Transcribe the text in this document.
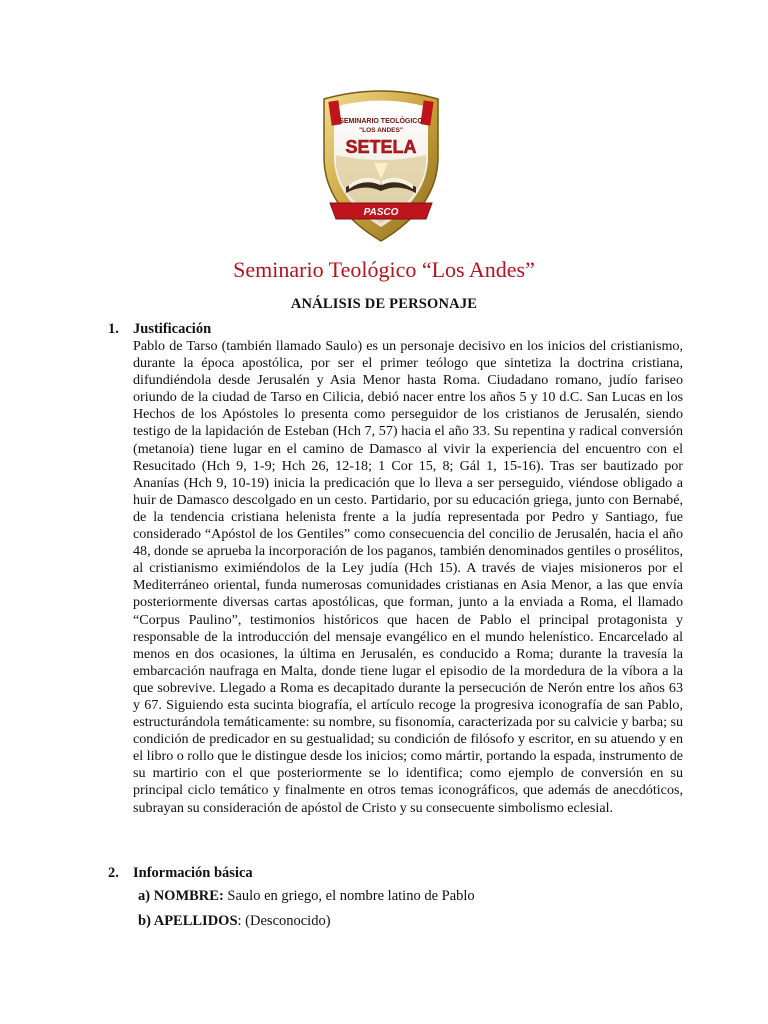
SEMINARIO TEOLÓGICO
"LOS ANDES"
SETELA
PASCO
Seminario Teológico “Los Andes”
ANÁLISIS DE PERSONAJE
1. Justificación
Pablo de Tarso (también llamado Saulo) es un personaje decisivo en los inicios del cristianismo, durante la época apostólica, por ser el primer teólogo que sintetiza la doctrina cristiana, difundiéndola desde Jerusalén y Asia Menor hasta Roma. Ciudadano romano, judío fariseo oriundo de la ciudad de Tarso en Cilicia, debió nacer entre los años 5 y 10 d.C. San Lucas en los Hechos de los Apóstoles lo presenta como perseguidor de los cristianos de Jerusalén, siendo testigo de la lapidación de Esteban (Hch 7, 57) hacia el año 33. Su repentina y radical conversión (metanoia) tiene lugar en el camino de Damasco al vivir la experiencia del encuentro con el Resucitado (Hch 9, 1-9; Hch 26, 12-18; 1 Cor 15, 8; Gál 1, 15-16). Tras ser bautizado por Ananías (Hch 9, 10-19) inicia la predicación que lo lleva a ser perseguido, viéndose obligado a huir de Damasco descolgado en un cesto. Partidario, por su educación griega, junto con Bernabé, de la tendencia cristiana helenista frente a la judía representada por Pedro y Santiago, fue considerado “Apóstol de los Gentiles” como consecuencia del concilio de Jerusalén, hacia el año 48, donde se aprueba la incorporación de los paganos, también denominados gentiles o prosélitos, al cristianismo eximiéndolos de la Ley judía (Hch 15). A través de viajes misioneros por el Mediterráneo oriental, funda numerosas comunidades cristianas en Asia Menor, a las que envía posteriormente diversas cartas apostólicas, que forman, junto a la enviada a Roma, el llamado “Corpus Paulino”, testimonios históricos que hacen de Pablo el principal protagonista y responsable de la introducción del mensaje evangélico en el mundo helenístico. Encarcelado al menos en dos ocasiones, la última en Jerusalén, es conducido a Roma; durante la travesía la embarcación naufraga en Malta, donde tiene lugar el episodio de la mordedura de la víbora a la que sobrevive. Llegado a Roma es decapitado durante la persecución de Nerón entre los años 63 y 67. Siguiendo esta sucinta biografía, el artículo recoge la progresiva iconografía de san Pablo, estructurándola temáticamente: su nombre, su fisonomía, caracterizada por su calvicie y barba; su condición de predicador en su gestualidad; su condición de filósofo y escritor, en su atuendo y en el libro o rollo que le distingue desde los inicios; como mártir, portando la espada, instrumento de su martirio con el que posteriormente se lo identifica; como ejemplo de conversión en su principal ciclo temático y finalmente en otros temas iconográficos, que además de anecdóticos, subrayan su consideración de apóstol de Cristo y su consecuente simbolismo eclesial.
2. Información básica
a) NOMBRE: Saulo en griego, el nombre latino de Pablo
b) APELLIDOS: (Desconocido)
